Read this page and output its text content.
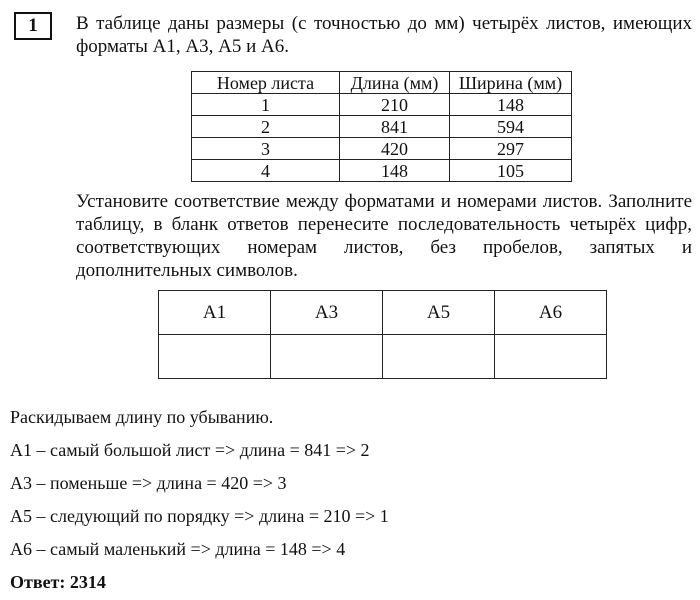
1	В таблице даны размеры (с точностью до мм) четырёх листов, имеющих форматы А1, А3, А5 и А6.

Номер листа	Длина (мм)	Ширина (мм)
1	210	148
2	841	594
3	420	297
4	148	105

Установите соответствие между форматами и номерами листов. Заполните таблицу, в бланк ответов перенесите последовательность четырёх цифр, соответствующих номерам листов, без пробелов, запятых и дополнительных символов.

А1	А3	А5	А6

Раскидываем длину по убыванию.
А1 – самый большой лист => длина = 841 => 2
А3 – поменьше => длина = 420 => 3
А5 – следующий по порядку => длина = 210 => 1
А6 – самый маленький => длина = 148 => 4
Ответ: 2314
